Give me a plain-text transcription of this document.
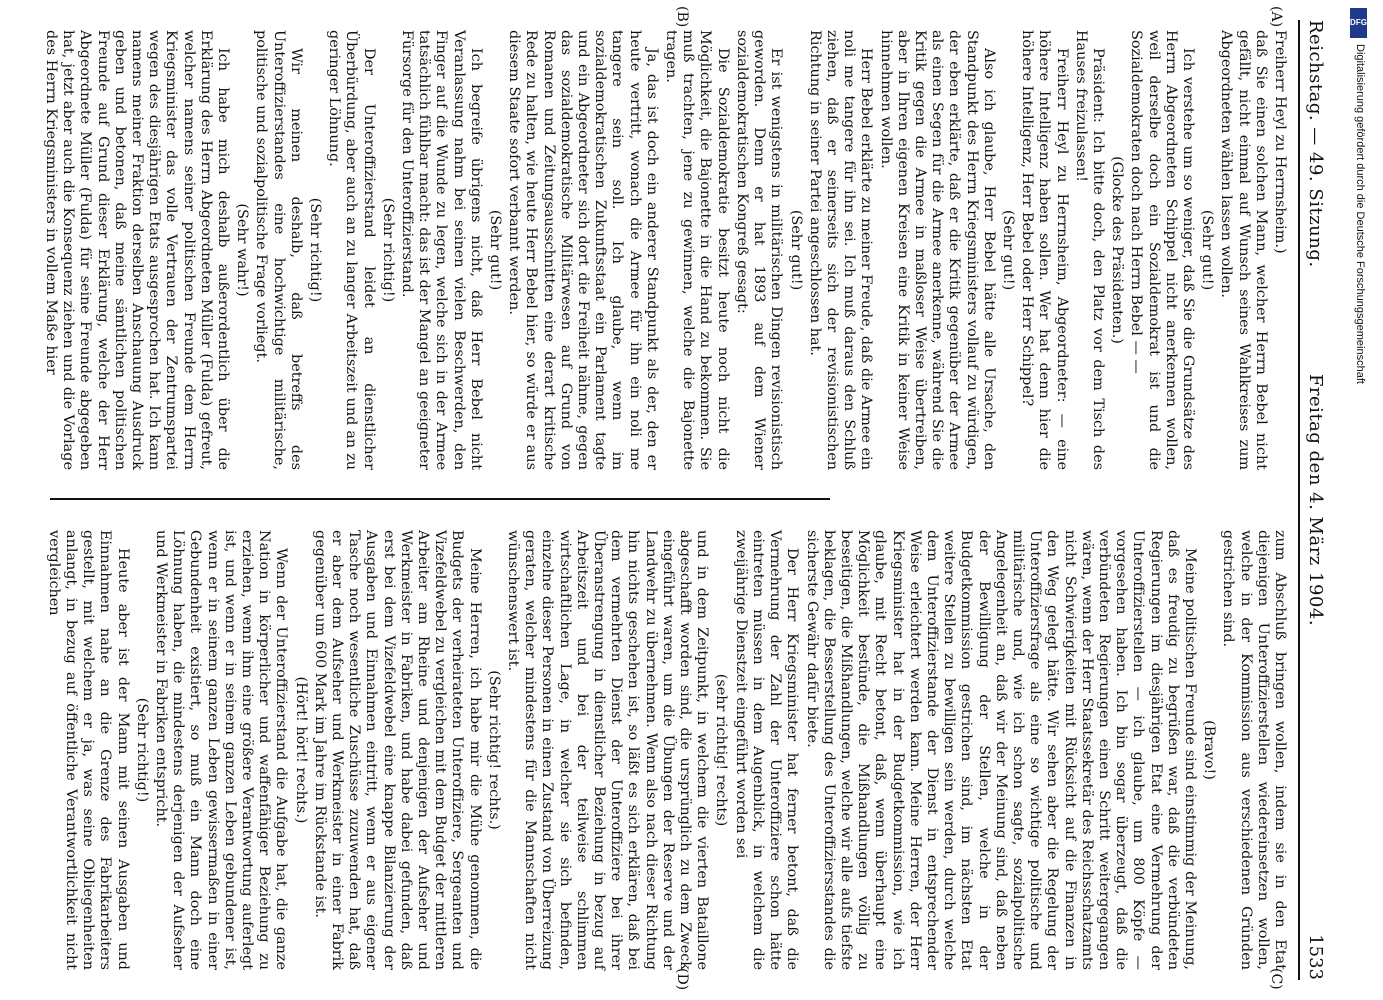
Reichstag. — 49. Sitzung.
Freitag den 4. März 1904.
1533
(A)
(B)
(C)
(D)

Freiherr Heyl zu Herrnsheim.)

daß Sie einen solchen Mann, welcher Herrn Bebel nicht gefällt, nicht einmal auf Wunsch seines Wahlkreises zum Abgeordneten wählen lassen wollen.

(Sehr gut!)

Ich verstehe um so weniger, daß Sie die Grundsätze des Herrn Abgeordneten Schippel nicht anerkennen wollen, weil derselbe doch ein Sozialdemokrat ist und die Sozialdemokraten doch nach Herrn Bebel — —

(Glocke des Präsidenten.)

Präsident: Ich bitte doch, den Platz vor dem Tisch des Hauses freizulassen!

Freiherr Heyl zu Herrnsheim, Abgeordneter: — eine höhere Intelligenz haben sollen. Wer hat denn hier die höhere Intelligenz, Herr Bebel oder Herr Schippel?

(Sehr gut!)

Also ich glaube, Herr Bebel hätte alle Ursache, den Standpunkt des Herrn Kriegsministers vollauf zu würdigen, der eben erklärte, daß er die Kritik gegenüber der Armee als einen Segen für die Armee anerkenne, während Sie die Kritik gegen die Armee in maßloser Weise übertreiben, aber in Ihren eigenen Kreisen eine Kritik in keiner Weise hinnehmen wollen.

Herr Bebel erklärte zu meiner Freude, daß die Armee ein noli me tangere für ihn sei. Ich muß daraus den Schluß ziehen, daß er seinerseits sich der revisionistischen Richtung in seiner Partei angeschlossen hat.

(Sehr gut!)

Er ist wenigstens in militärischen Dingen revisionistisch geworden. Denn er hat 1893 auf dem Wiener sozialdemokratischen Kongreß gesagt:

Die Sozialdemokratie besitzt heute noch nicht die Möglichkeit, die Bajonette in die Hand zu bekommen. Sie muß trachten, jene zu gewinnen, welche die Bajonette tragen.

Ja, das ist doch ein anderer Standpunkt als der, den er heute vertritt, wonach die Armee für ihn ein noli me tangere sein soll. Ich glaube, wenn im sozialdemokratischen Zukunftsstaat ein Parlament tagte und ein Abgeordneter sich dort die Freiheit nähme, gegen das sozialdemokratische Militärwesen auf Grund von Romanen und Zeitungsausschnitten eine derart kritische Rede zu halten, wie heute Herr Bebel hier, so würde er aus diesem Staate sofort verbannt werden.

(Sehr gut!)

Ich begreife übrigens nicht, daß Herr Bebel nicht Veranlassung nahm bei seinen vielen Beschwerden, den Finger auf die Wunde zu legen, welche sich in der Armee tatsächlich fühlbar macht: das ist der Mangel an geeigneter Fürsorge für den Unteroffizierstand.

(Sehr richtig!)

Der Unteroffizierstand leidet an dienstlicher Überbürdung, aber auch an zu langer Arbeitszeit und an zu geringer Löhnung.

(Sehr richtig!)

Wir meinen deshalb, daß betreffs des Unteroffizierstandes eine hochwichtige militärische, politische und sozialpolitische Frage vorliegt.

(Sehr wahr!)

Ich habe mich deshalb außerordentlich über die Erklärung des Herrn Abgeordneten Müller (Fulda) gefreut, welcher namens seiner politischen Freunde dem Herrn Kriegsminister das volle Vertrauen der Zentrumspartei wegen des diesjährigen Etats ausgesprochen hat. Ich kann namens meiner Fraktion derselben Anschauung Ausdruck geben und betonen, daß meine sämtlichen politischen Freunde auf Grund dieser Erklärung, welche der Herr Abgeordnete Müller (Fulda) für seine Freunde abgegeben hat, jetzt aber auch die Konsequenz ziehen und die Vorlage des Herrn Kriegsministers in vollem Maße hier

zum Abschluß bringen wollen, indem sie in den Etat diejenigen Unteroffizierstellen wiedereinsetzen wollen, welche in der Kommission aus verschiedenen Gründen gestrichen sind.

(Bravo!)

Meine politischen Freunde sind einstimmig der Meinung, daß es freudig zu begrüßen war, daß die verbündeten Regierungen im diesjährigen Etat eine Vermehrung der Unteroffizierstellen — ich glaube, um 800 Köpfe — vorgesehen haben. Ich bin sogar überzeugt, daß die verbündeten Regierungen einen Schritt weitergegangen wären, wenn der Herr Staatssekretär des Reichsschatzamts nicht Schwierigkeiten mit Rücksicht auf die Finanzen in den Weg gelegt hätte. Wir sehen aber die Regelung der Unteroffiziersfrage als eine so wichtige politische und militärische und, wie ich schon sagte, sozialpolitische Angelegenheit an, daß wir der Meinung sind, daß neben der Bewilligung der Stellen, welche in der Budgetkommission gestrichen sind, im nächsten Etat weitere Stellen zu bewilligen sein werden, durch welche dem Unteroffizierstande der Dienst in entsprechender Weise erleichtert werden kann. Meine Herren, der Herr Kriegsminister hat in der Budgetkommission, wie ich glaube, mit Recht betont, daß, wenn überhaupt eine Möglichkeit bestünde, die Mißhandlungen völlig zu beseitigen, die Mißhandlungen, welche wir alle aufs tiefste beklagen, die Besserstellung des Unteroffiziersstandes die sicherste Gewähr dafür biete.

Der Herr Kriegsminister hat ferner betont, daß die Vermehrung der Zahl der Unteroffiziere schon hätte eintreten müssen in dem Augenblick, in welchem die zweijährige Dienstzeit eingeführt worden sei

(sehr richtig! rechts)

und in dem Zeitpunkt, in welchem die vierten Bataillone abgeschafft worden sind, die ursprünglich zu dem Zweck eingeführt waren, um die Übungen der Reserve und der Landwehr zu übernehmen. Wenn also nach dieser Richtung hin nichts geschehen ist, so läßt es sich erklären, daß bei dem vermehrten Dienst der Unteroffiziere bei ihrer Überanstrengung in dienstlicher Beziehung in bezug auf Arbeitszeit und bei der teilweise schlimmen wirtschaftlichen Lage, in welcher sie sich befinden, einzelne dieser Personen in einen Zustand von Überreizung geraten, welcher mindestens für die Mannschaften nicht wünschenswert ist.

(Sehr richtig! rechts.)

Meine Herren, ich habe mir die Mühe genommen, die Budgets der verheirateten Unteroffiziere, Sergeanten und Vizefeldwebel zu vergleichen mit dem Budget der mittleren Arbeiter am Rheine und denjenigen der Aufseher und Werkmeister in Fabriken, und habe dabei gefunden, daß erst bei dem Vizefeldwebel eine knappe Bilanzierung der Ausgaben und Einnahmen eintritt, wenn er aus eigener Tasche noch wesentliche Zuschüsse zuzuwenden hat, daß er aber dem Aufseher und Werkmeister in einer Fabrik gegenüber um 600 Mark im Jahre im Rückstande ist.

(Hört! hört! rechts.)

Wenn der Unteroffizierstand die Aufgabe hat, die ganze Nation in körperlicher und waffenfähiger Beziehung zu erziehen, wenn ihm eine größere Verantwortung auferlegt ist, und wenn er in seinem ganzen Leben gebundener ist, wenn er in seinem ganzen Leben gewissermaßen in einer Gebundenheit existiert, so muß ein Mann doch eine Löhnung haben, die mindestens derjenigen der Aufseher und Werkmeister in Fabriken entspricht.

(Sehr richtig!)

Heute aber ist der Mann mit seinen Ausgaben und Einnahmen nahe an die Grenze des Fabrikarbeiters gestellt, mit welchem er ja, was seine Obliegenheiten anlangt, in bezug auf öffentliche Verantwortlichkeit nicht vergleichen

DFG
Digitalisierung gefördert durch die Deutsche Forschungsgemeinschaft
